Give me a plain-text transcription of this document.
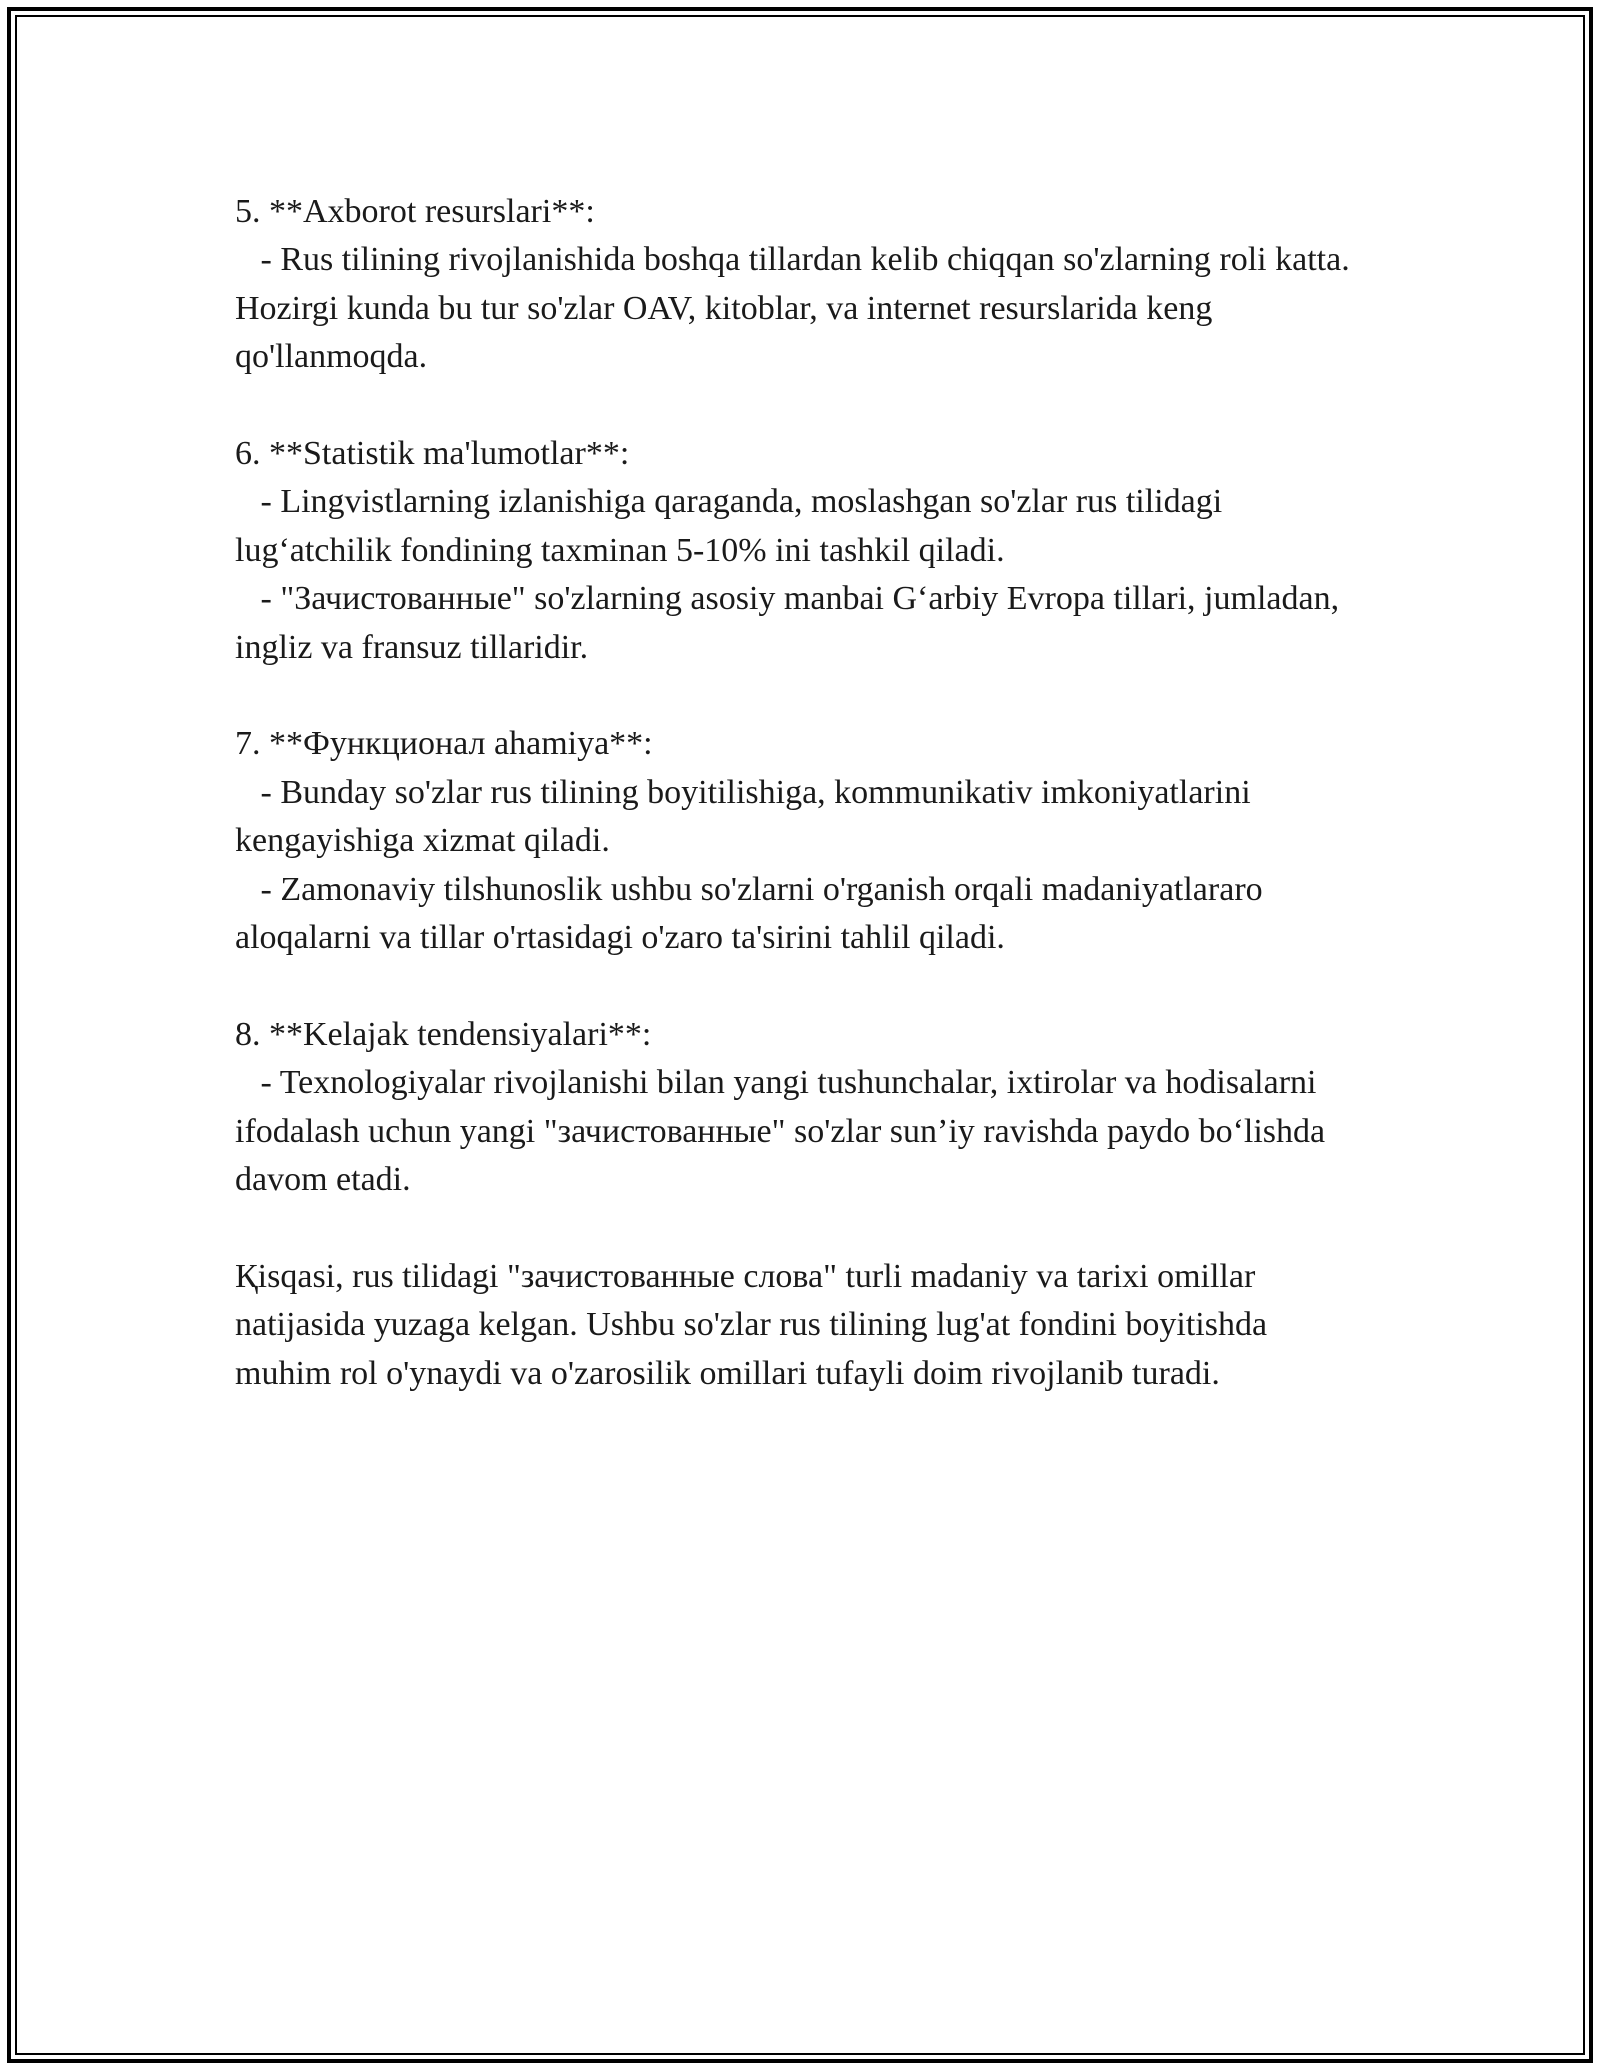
5. **Axborot resurslari**:
- Rus tilining rivojlanishida boshqa tillardan kelib chiqqan so'zlarning roli katta. Hozirgi kunda bu tur so'zlar OAV, kitoblar, va internet resurslarida keng qo'llanmoqda.
6. **Statistik ma'lumotlar**:
- Lingvistlarning izlanishiga qaraganda, moslashgan so'zlar rus tilidagi lug‘atchilik fondining taxminan 5-10% ini tashkil qiladi.
- "Зачистованные" so'zlarning asosiy manbai G‘arbiy Evropa tillari, jumladan, ingliz va fransuz tillaridir.
7. **Функционал ahamiya**:
- Bunday so'zlar rus tilining boyitilishiga, kommunikativ imkoniyatlarini kengayishiga xizmat qiladi.
- Zamonaviy tilshunoslik ushbu so'zlarni o'rganish orqali madaniyatlararo aloqalarni va tillar o'rtasidagi o'zaro ta'sirini tahlil qiladi.
8. **Kelajak tendensiyalari**:
- Texnologiyalar rivojlanishi bilan yangi tushunchalar, ixtirolar va hodisalarni ifodalash uchun yangi "зачистованные" so'zlar sun’iy ravishda paydo bo‘lishda davom etadi.

Қisqasi, rus tilidagi "зачистованные слова" turli madaniy va tarixi omillar natijasida yuzaga kelgan. Ushbu so'zlar rus tilining lug'at fondini boyitishda muhim rol o'ynaydi va o'zarosilik omillari tufayli doim rivojlanib turadi.
